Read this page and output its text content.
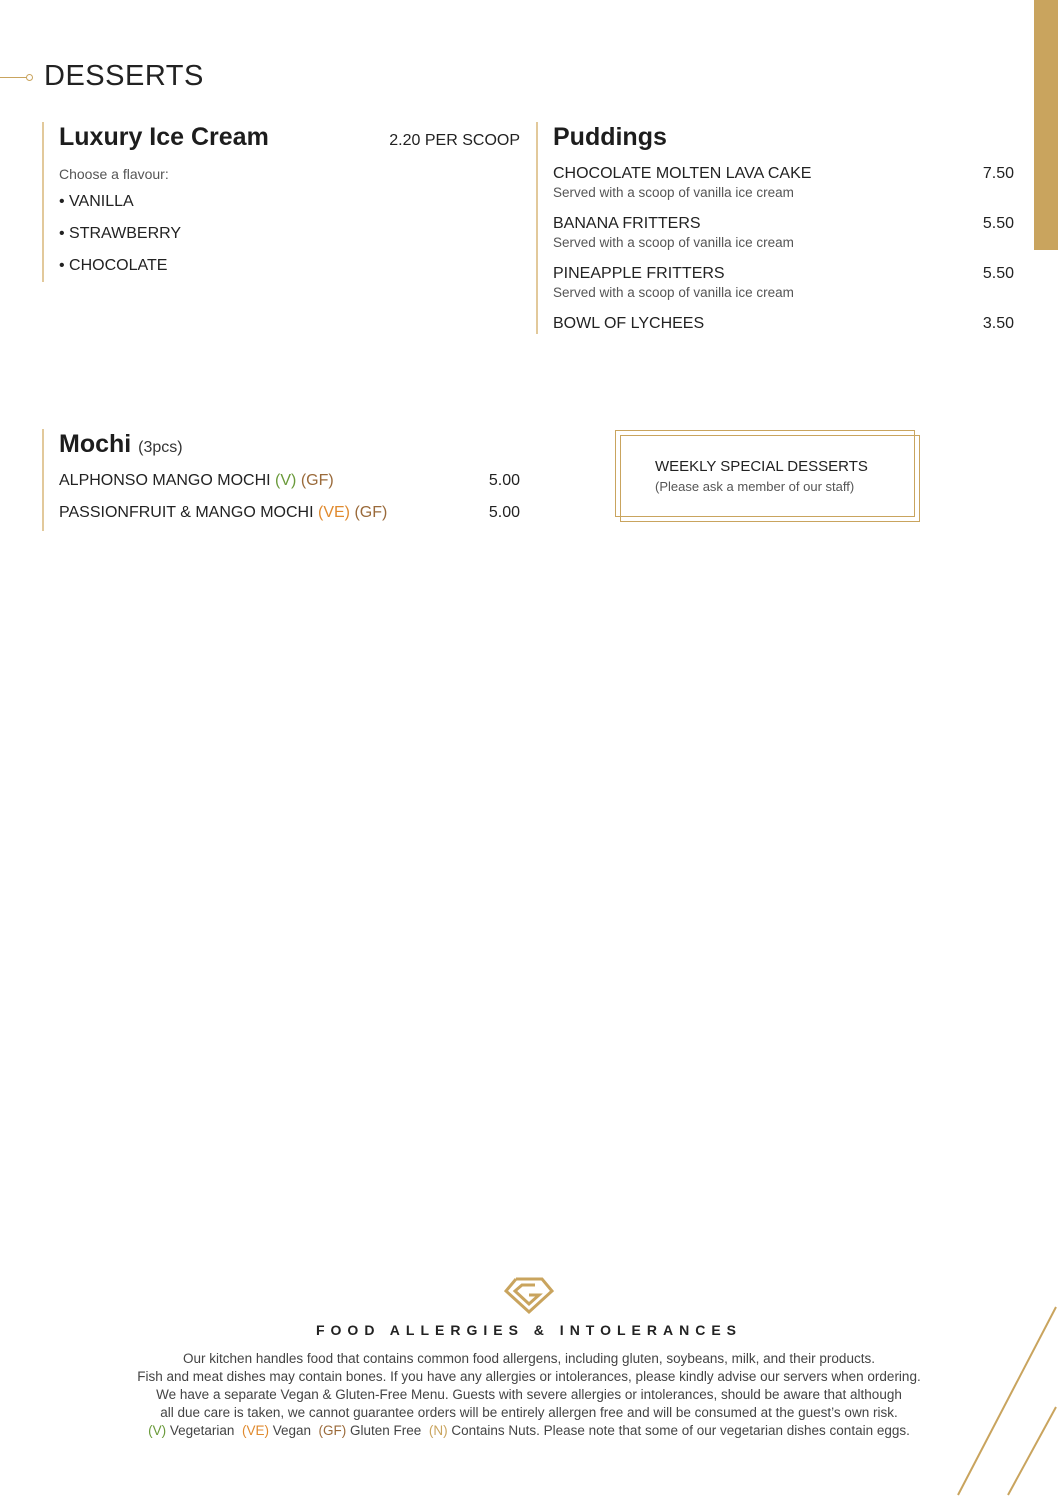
DESSERTS
Luxury Ice Cream	2.20 PER SCOOP
Choose a flavour:
• VANILLA
• STRAWBERRY
• CHOCOLATE
Puddings
CHOCOLATE MOLTEN LAVA CAKE	7.50
Served with a scoop of vanilla ice cream
BANANA FRITTERS	5.50
Served with a scoop of vanilla ice cream
PINEAPPLE FRITTERS	5.50
Served with a scoop of vanilla ice cream
BOWL OF LYCHEES	3.50
Mochi (3pcs)
ALPHONSO MANGO MOCHI (V) (GF)	5.00
PASSIONFRUIT & MANGO MOCHI (VE) (GF)	5.00
WEEKLY SPECIAL DESSERTS
(Please ask a member of our staff)
FOOD ALLERGIES & INTOLERANCES
Our kitchen handles food that contains common food allergens, including gluten, soybeans, milk, and their products.
Fish and meat dishes may contain bones. If you have any allergies or intolerances, please kindly advise our servers when ordering.
We have a separate Vegan & Gluten-Free Menu. Guests with severe allergies or intolerances, should be aware that although
all due care is taken, we cannot guarantee orders will be entirely allergen free and will be consumed at the guest’s own risk.
(V) Vegetarian (VE) Vegan (GF) Gluten Free (N) Contains Nuts. Please note that some of our vegetarian dishes contain eggs.
